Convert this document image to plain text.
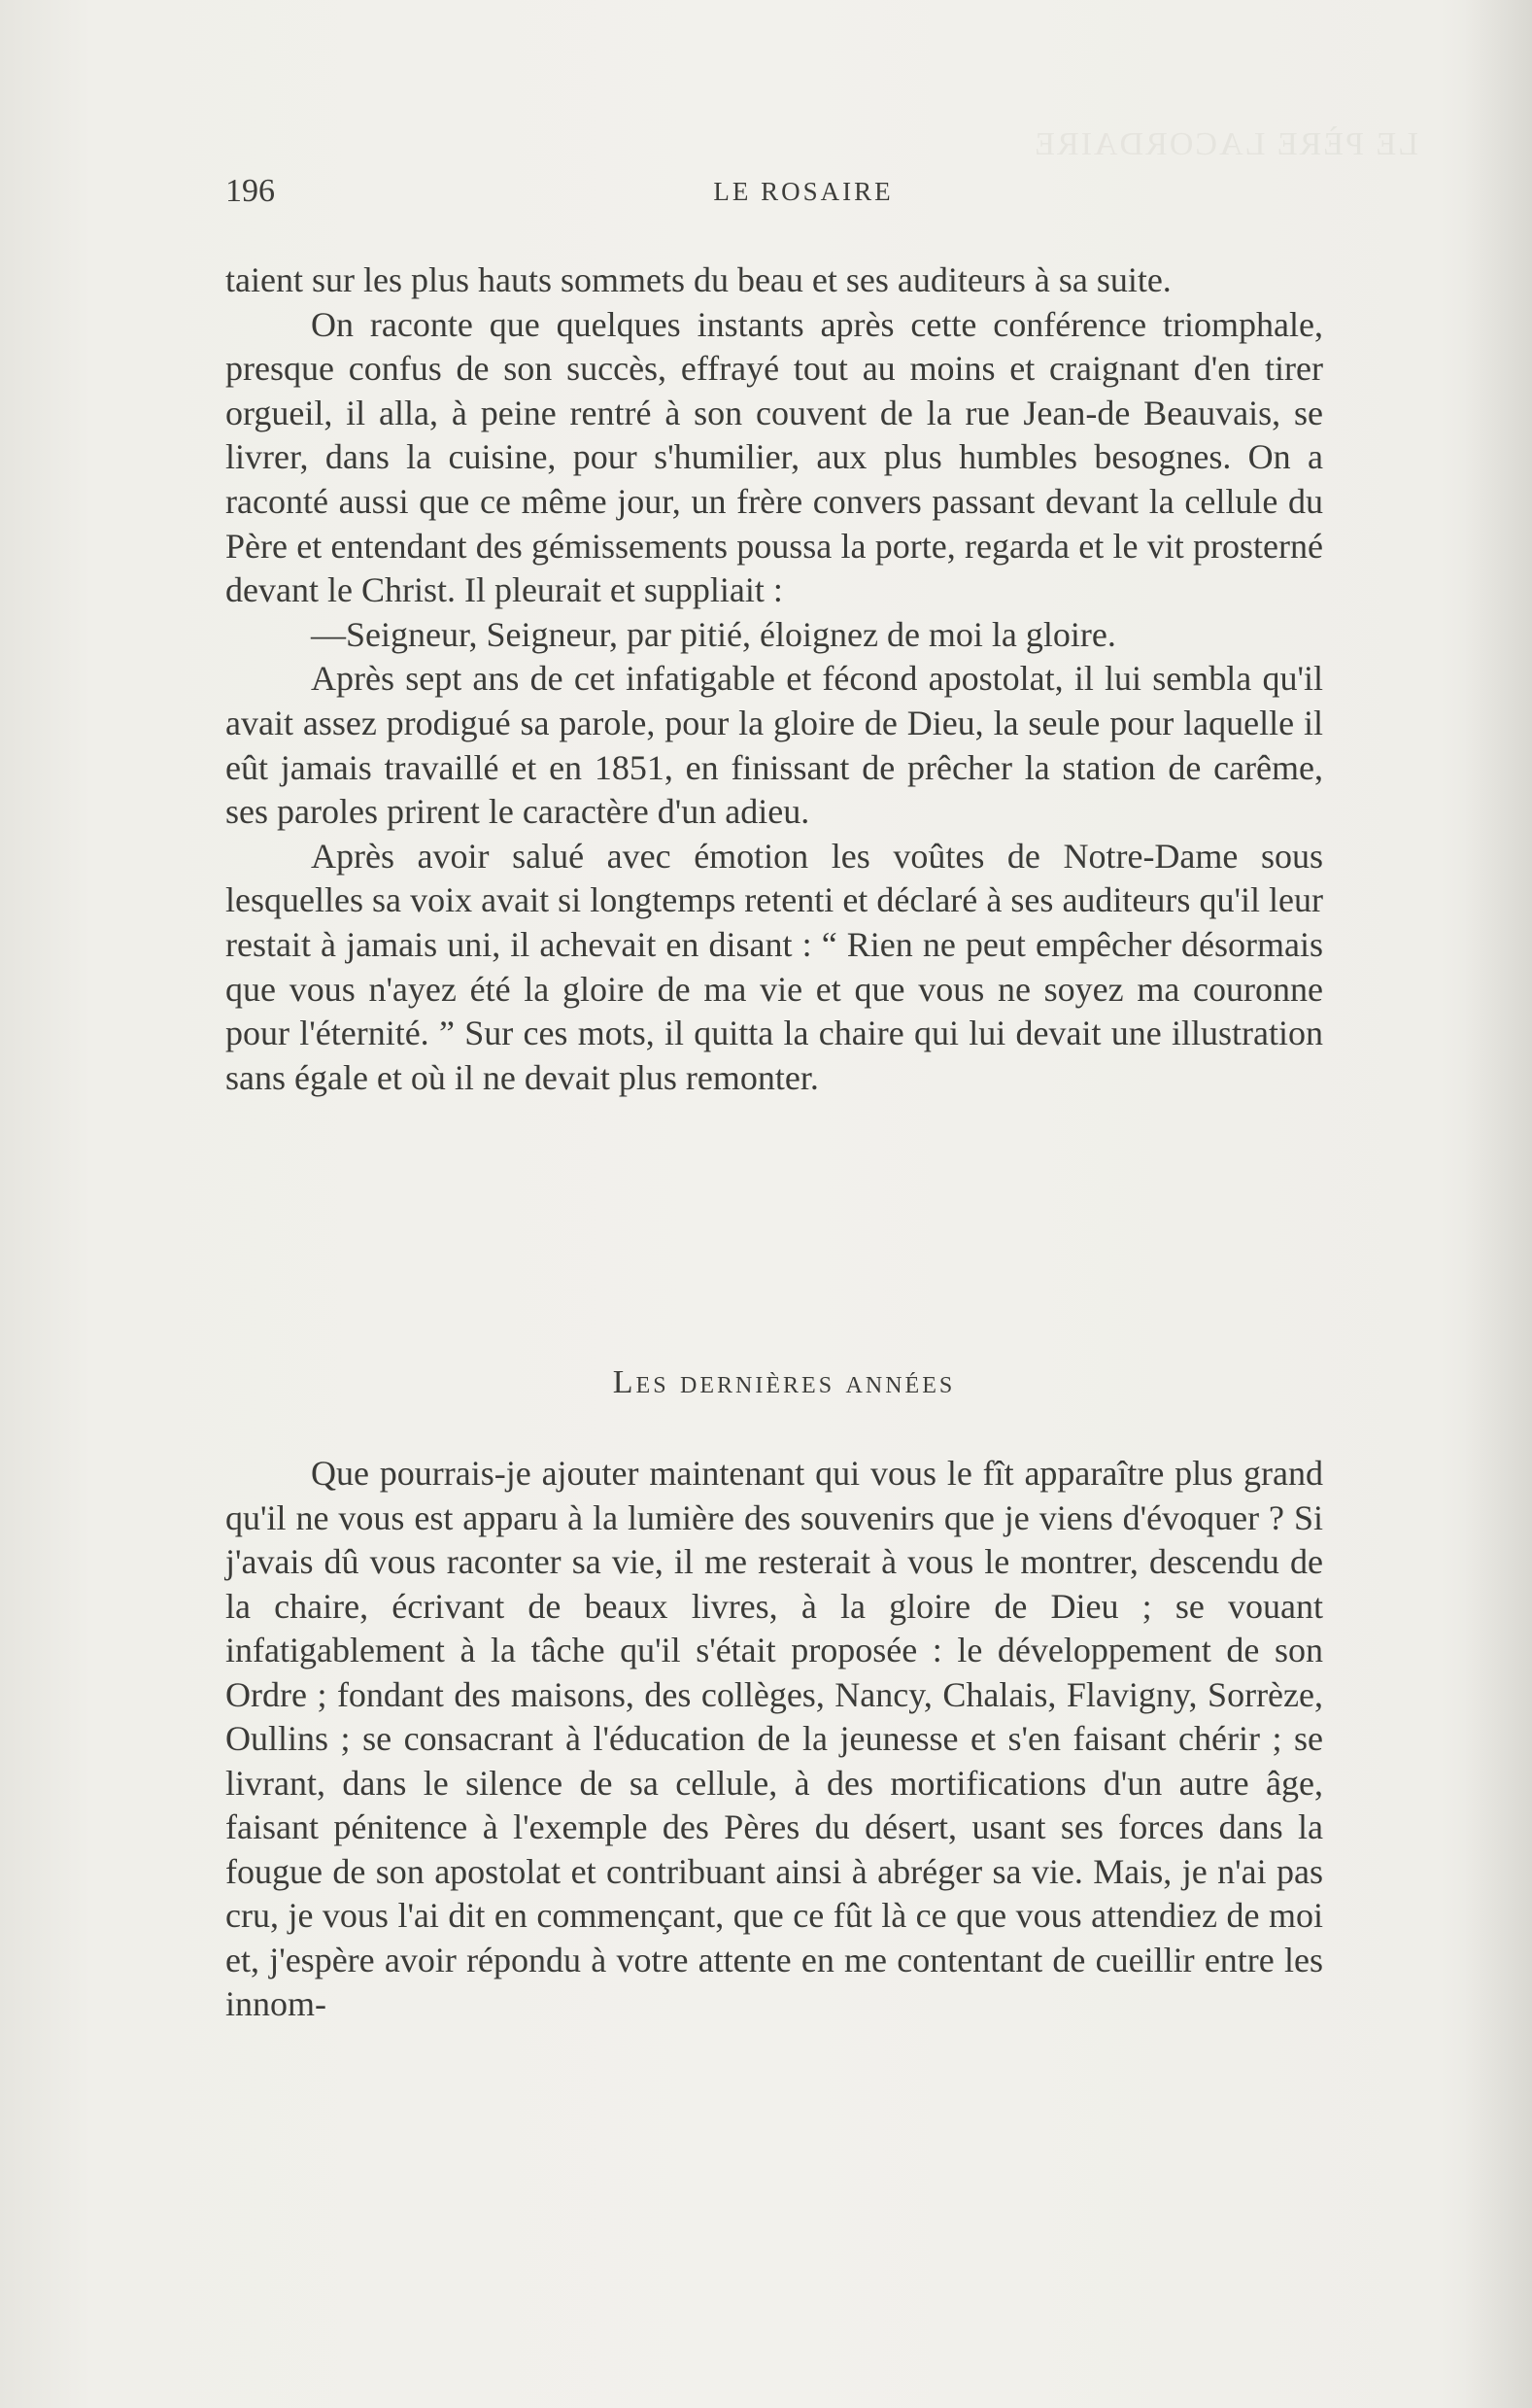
LE PÈRE LACORDAIRE
196	LE ROSAIRE

taient sur les plus hauts sommets du beau et ses auditeurs à sa suite.

On raconte que quelques instants après cette conférence triomphale, presque confus de son succès, effrayé tout au moins et craignant d'en tirer orgueil, il alla, à peine rentré à son couvent de la rue Jean-de Beauvais, se livrer, dans la cuisine, pour s'humilier, aux plus humbles besognes. On a raconté aussi que ce même jour, un frère convers passant devant la cellule du Père et entendant des gémissements poussa la porte, regarda et le vit prosterné devant le Christ. Il pleurait et suppliait :

—Seigneur, Seigneur, par pitié, éloignez de moi la gloire.

Après sept ans de cet infatigable et fécond apostolat, il lui sembla qu'il avait assez prodigué sa parole, pour la gloire de Dieu, la seule pour laquelle il eût jamais travaillé et en 1851, en finissant de prêcher la station de carême, ses paroles prirent le caractère d'un adieu.

Après avoir salué avec émotion les voûtes de Notre-Dame sous lesquelles sa voix avait si longtemps retenti et déclaré à ses auditeurs qu'il leur restait à jamais uni, il achevait en disant : “ Rien ne peut empêcher désormais que vous n'ayez été la gloire de ma vie et que vous ne soyez ma couronne pour l'éternité. ” Sur ces mots, il quitta la chaire qui lui devait une illustration sans égale et où il ne devait plus remonter.

Les dernières années

Que pourrais-je ajouter maintenant qui vous le fît apparaître plus grand qu'il ne vous est apparu à la lumière des souvenirs que je viens d'évoquer ? Si j'avais dû vous raconter sa vie, il me resterait à vous le montrer, descendu de la chaire, écrivant de beaux livres, à la gloire de Dieu ; se vouant infatigablement à la tâche qu'il s'était proposée : le développement de son Ordre ; fondant des maisons, des collèges, Nancy, Chalais, Flavigny, Sorrèze, Oullins ; se consacrant à l'éducation de la jeunesse et s'en faisant chérir ; se livrant, dans le silence de sa cellule, à des mortifications d'un autre âge, faisant pénitence à l'exemple des Pères du désert, usant ses forces dans la fougue de son apostolat et contribuant ainsi à abréger sa vie. Mais, je n'ai pas cru, je vous l'ai dit en commençant, que ce fût là ce que vous attendiez de moi et, j'espère avoir répondu à votre attente en me contentant de cueillir entre les innom-
